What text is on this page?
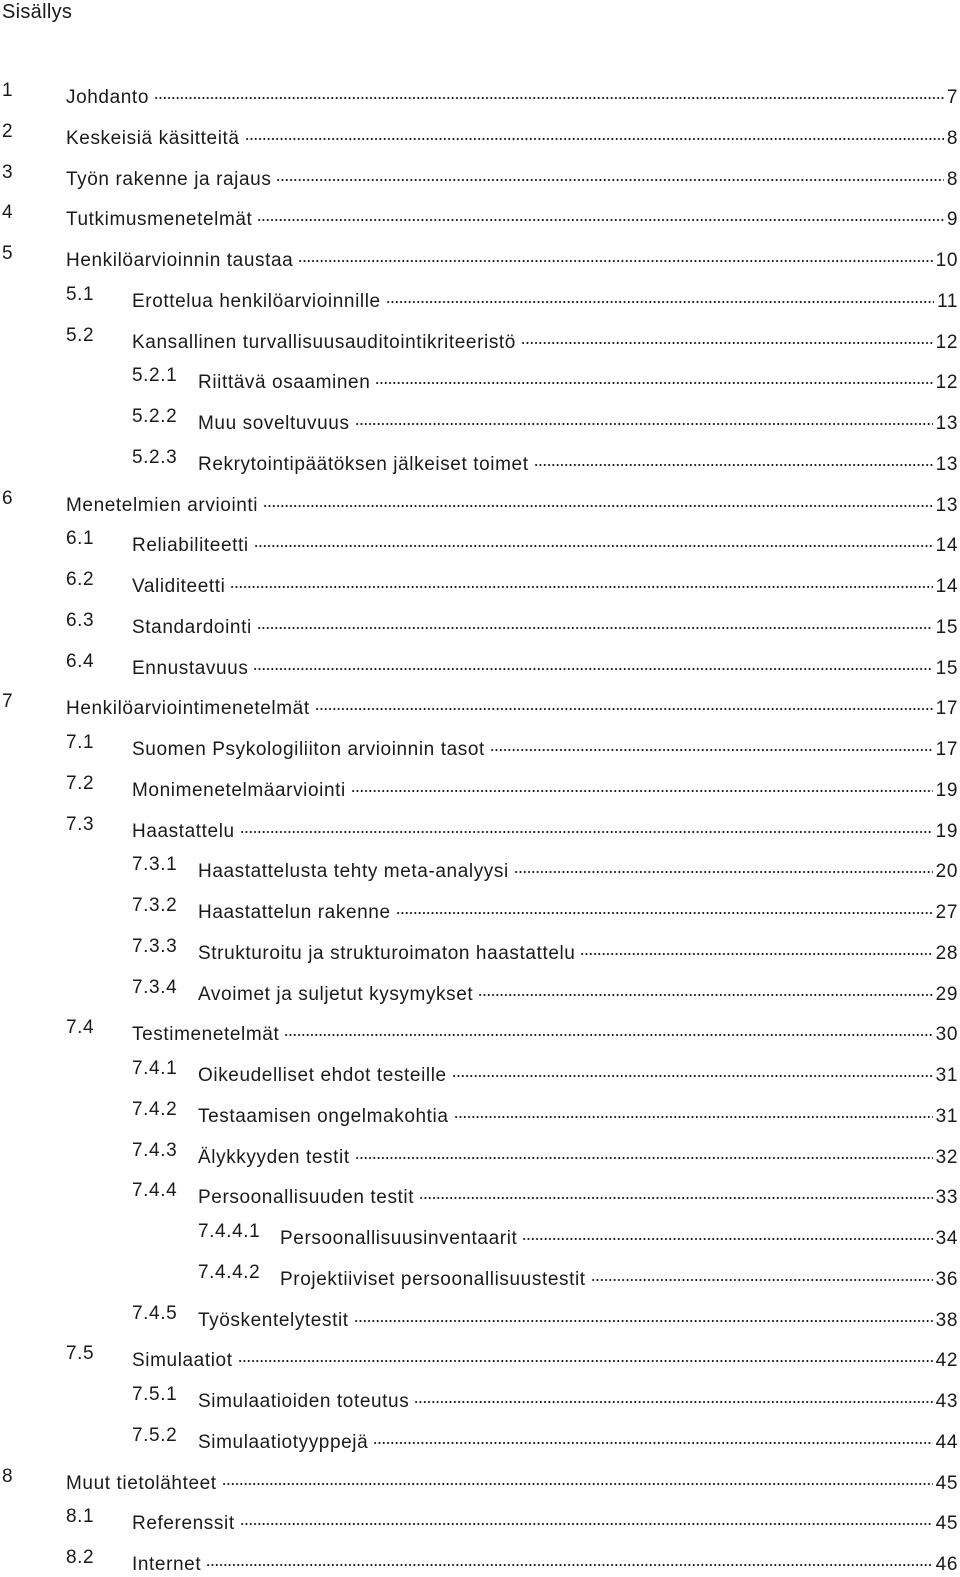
Sisällys
1	Johdanto	7
2	Keskeisiä käsitteitä	8
3	Työn rakenne ja rajaus	8
4	Tutkimusmenetelmät	9
5	Henkilöarvioinnin taustaa	10
5.1 Erottelua henkilöarvioinnille	11
5.2 Kansallinen turvallisuusauditointikriteeristö	12
5.2.1 Riittävä osaaminen	12
5.2.2 Muu soveltuvuus	13
5.2.3 Rekrytointipäätöksen jälkeiset toimet	13
6	Menetelmien arviointi	13
6.1 Reliabiliteetti	14
6.2 Validiteetti	14
6.3 Standardointi	15
6.4 Ennustavuus	15
7	Henkilöarviointimenetelmät	17
7.1 Suomen Psykologiliiton arvioinnin tasot	17
7.2 Monimenetelmäarviointi	19
7.3 Haastattelu	19
7.3.1 Haastattelusta tehty meta-analyysi	20
7.3.2 Haastattelun rakenne	27
7.3.3 Strukturoitu ja strukturoimaton haastattelu	28
7.3.4 Avoimet ja suljetut kysymykset	29
7.4 Testimenetelmät	30
7.4.1 Oikeudelliset ehdot testeille	31
7.4.2 Testaamisen ongelmakohtia	31
7.4.3 Älykkyyden testit	32
7.4.4 Persoonallisuuden testit	33
7.4.4.1 Persoonallisuusinventaarit	34
7.4.4.2 Projektiiviset persoonallisuustestit	36
7.4.5 Työskentelytestit	38
7.5 Simulaatiot	42
7.5.1 Simulaatioiden toteutus	43
7.5.2 Simulaatiotyyppejä	44
8	Muut tietolähteet	45
8.1 Referenssit	45
8.2 Internet	46
